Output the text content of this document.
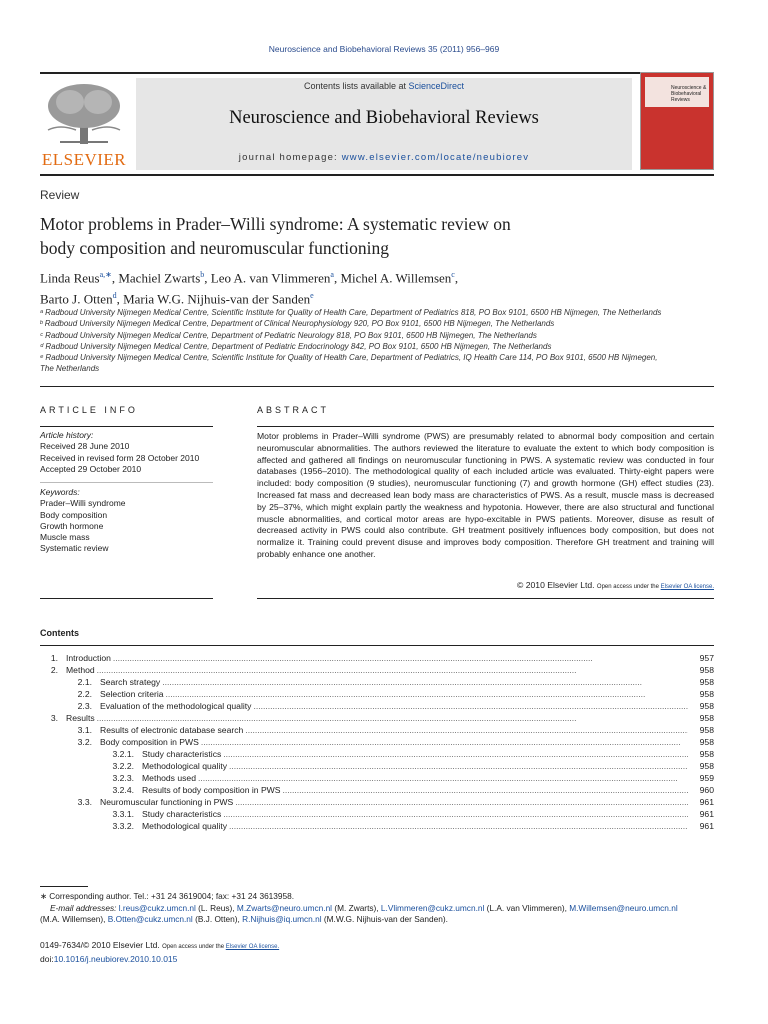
Neuroscience and Biobehavioral Reviews 35 (2011) 956–969
ELSEVIER
Contents lists available at ScienceDirect
Neuroscience and Biobehavioral Reviews
journal homepage: www.elsevier.com/locate/neubiorev
Neuroscience & Biobehavioral Reviews
Review
Motor problems in Prader–Willi syndrome: A systematic review on
body composition and neuromuscular functioning
Linda Reus$^{a,∗}$, Machiel Zwarts$^b$, Leo A. van Vlimmeren$^a$, Michel A. Willemsen$^c$,
Barto J. Otten$^d$, Maria W.G. Nijhuis-van der Sanden$^e$
ᵃ Radboud University Nijmegen Medical Centre, Scientific Institute for Quality of Health Care, Department of Pediatrics 818, PO Box 9101, 6500 HB Nijmegen, The Netherlands
ᵇ Radboud University Nijmegen Medical Centre, Department of Clinical Neurophysiology 920, PO Box 9101, 6500 HB Nijmegen, The Netherlands
ᶜ Radboud University Nijmegen Medical Centre, Department of Pediatric Neurology 818, PO Box 9101, 6500 HB Nijmegen, The Netherlands
ᵈ Radboud University Nijmegen Medical Centre, Department of Pediatric Endocrinology 842, PO Box 9101, 6500 HB Nijmegen, The Netherlands
ᵉ Radboud University Nijmegen Medical Centre, Scientific Institute for Quality of Health Care, Department of Pediatrics, IQ Health Care 114, PO Box 9101, 6500 HB Nijmegen,
The Netherlands
ARTICLE INFO	ABSTRACT
Article history:
Received 28 June 2010
Received in revised form 28 October 2010
Accepted 29 October 2010
Keywords:
Prader–Willi syndrome
Body composition
Growth hormone
Muscle mass
Systematic review
Motor problems in Prader–Willi syndrome (PWS) are presumably related to abnormal body composition and certain neuromuscular abnormalities. The authors reviewed the literature to evaluate the extent to which body composition is affected and gathered all findings on neuromuscular functioning in PWS. A systematic review was conducted in four databases (1956–2010). The methodological quality of each included article was evaluated. Thirty-eight papers were included: body composition (9 studies), neuromuscular functioning (7) and growth hormone (GH) effect studies (23). Increased fat mass and decreased lean body mass are characteristics of PWS. As a result, muscle mass is decreased by 25–37%, which might explain partly the weakness and hypotonia. However, there are also structural and functional muscle abnormalities, and cortical motor areas are hypo-excitable in PWS patients. Moreover, disuse as result of decreased activity in PWS could also contribute. GH treatment positively influences body composition, but does not normalize it. Training could prevent disuse and improves body composition. Therefore GH treatment and training will probably enhance one another.
© 2010 Elsevier Ltd. Open access under the Elsevier OA license.
Contents
1. Introduction . . .	957
2. Method . . .	958
2.1. Search strategy . . .	958
2.2. Selection criteria . . .	958
2.3. Evaluation of the methodological quality . . .	958
3. Results . . .	958
3.1. Results of electronic database search . . .	958
3.2. Body composition in PWS . . .	958
3.2.1. Study characteristics . . .	958
3.2.2. Methodological quality . . .	958
3.2.3. Methods used . . .	959
3.2.4. Results of body composition in PWS . . .	960
3.3. Neuromuscular functioning in PWS . . .	961
3.3.1. Study characteristics . . .	961
3.3.2. Methodological quality . . .	961
∗ Corresponding author. Tel.: +31 24 3619004; fax: +31 24 3613958.
E-mail addresses: l.reus@cukz.umcn.nl (L. Reus), M.Zwarts@neuro.umcn.nl (M. Zwarts), L.Vlimmeren@cukz.umcn.nl (L.A. van Vlimmeren), M.Willemsen@neuro.umcn.nl
(M.A. Willemsen), B.Otten@cukz.umcn.nl (B.J. Otten), R.Nijhuis@iq.umcn.nl (M.W.G. Nijhuis-van der Sanden).
0149-7634/© 2010 Elsevier Ltd. Open access under the Elsevier OA license.
doi:10.1016/j.neubiorev.2010.10.015
